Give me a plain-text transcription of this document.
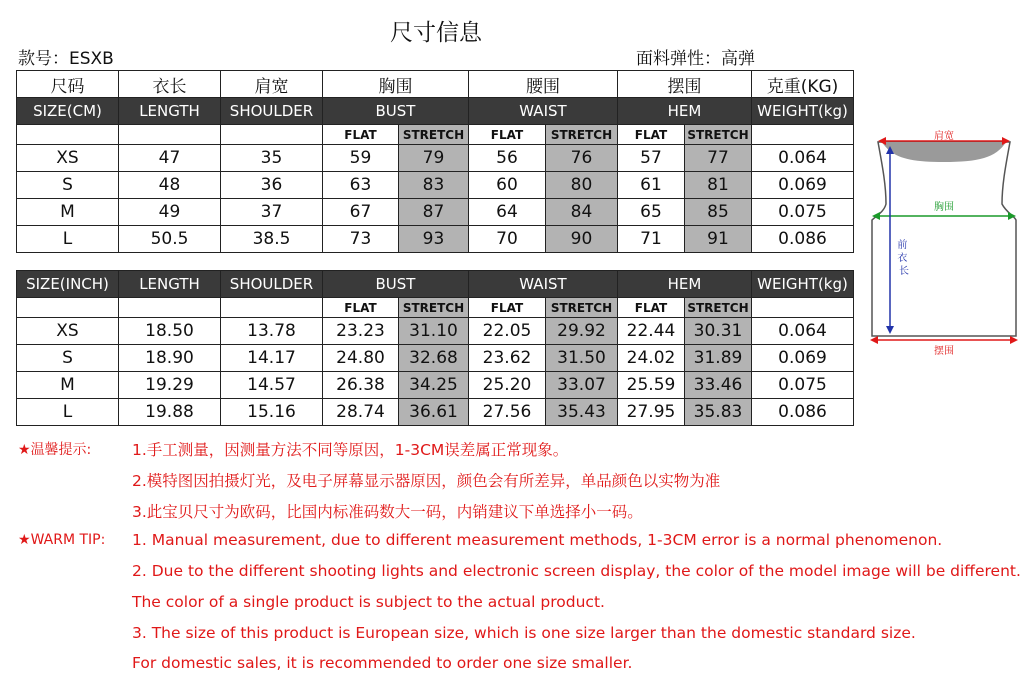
尺寸信息
款号：ESXB	面料弹性：高弹
尺码	衣长	肩宽	胸围		腰围		摆围		克重(KG)
SIZE(CM)	LENGTH	SHOULDER	BUST		WAIST		HEM		WEIGHT(kg)
			FLAT	STRETCH	FLAT	STRETCH	FLAT	STRETCH	
XS	47	35	59	79	56	76	57	77	0.064
S	48	36	63	83	60	80	61	81	0.069
M	49	37	67	87	64	84	65	85	0.075
L	50.5	38.5	73	93	70	90	71	91	0.086
SIZE(INCH)	LENGTH	SHOULDER	BUST		WAIST		HEM		WEIGHT(kg)
			FLAT	STRETCH	FLAT	STRETCH	FLAT	STRETCH	
XS	18.50	13.78	23.23	31.10	22.05	29.92	22.44	30.31	0.064
S	18.90	14.17	24.80	32.68	23.62	31.50	24.02	31.89	0.069
M	19.29	14.57	26.38	34.25	25.20	33.07	25.59	33.46	0.075
L	19.88	15.16	28.74	36.61	27.56	35.43	27.95	35.83	0.086
肩宽
胸围
前 衣 长
摆围
★温馨提示:	1.手工测量，因测量方法不同等原因，1-3CM误差属正常现象。
2.模特图因拍摄灯光，及电子屏幕显示器原因，颜色会有所差异，单品颜色以实物为准
3.此宝贝尺寸为欧码，比国内标准码数大一码，内销建议下单选择小一码。
★WARM TIP: 1. Manual measurement, due to different measurement methods, 1-3CM error is a normal phenomenon.
2. Due to the different shooting lights and electronic screen display, the color of the model image will be different.
The color of a single product is subject to the actual product.
3. The size of this product is European size, which is one size larger than the domestic standard size.
For domestic sales, it is recommended to order one size smaller.
